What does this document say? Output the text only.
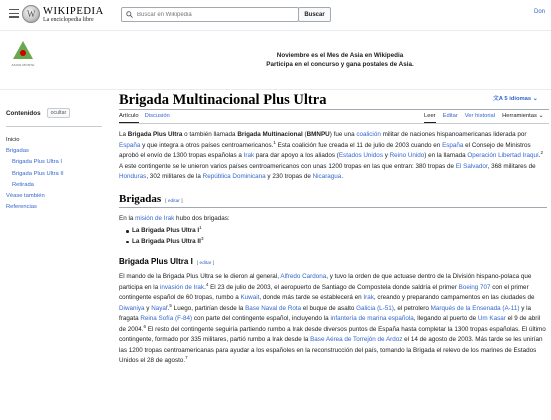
W
WIKIPEDIA
La enciclopedia libre
Buscar en Wikipedia
Buscar	Don
ASIAN MONTH
Noviembre es el Mes de Asia en Wikipedia
Participa en el concurso y gana postales de Asia.
Contenidos	ocultar
Inicio
Brigadas
Brigada Plus Ultra I
Brigada Plus Ultra II
Retirada
Véase también
Referencias
Brigada Multinacional Plus Ultra	文A 5 idiomas ⌄
Artículo Discusión	Leer Editar Ver historial Herramientas ⌄

La Brigada Plus Ultra o también llamada Brigada Multinacional (BMNPU) fue una coalición militar de naciones hispanoamericanas liderada por España y que integra a otros países centroamericanos.$^1$ Esta coalición fue creada el 11 de julio de 2003 cuando en España el Consejo de Ministros aprobó el envío de 1300 tropas españolas a Irak para dar apoyo a los aliados (Estados Unidos y Reino Unido) en la llamada Operación Libertad Iraquí.$^2$ A este contingente se le unieron varios países centroamericanos con unas 1200 tropas en las que entran: 380 tropas de El Salvador, 368 militares de Honduras, 302 militares de la República Dominicana y 230 tropas de Nicaragua.

Brigadas [ editar ]

En la misión de Irak hubo dos brigadas:

La Brigada Plus Ultra $I^1$
La Brigada Plus Ultra $II^3$
Brigada Plus Ultra I [ editar ]

El mando de la Brigada Plus Ultra se le dieron al general, Alfredo Cardona, y tuvo la orden de que actuase dentro de la División hispano-polaca que participa en la invasión de Irak.$^4$ El 23 de julio de 2003, el aeropuerto de Santiago de Compostela donde saldría el primer Boeing 707 con el primer contingente español de 60 tropas, rumbo a Kuwait, donde más tarde se establecerá en Irak, creando y preparando campamentos en las ciudades de Diwaniya y Nayaf.$^5$ Luego, partirían desde la Base Naval de Rota el buque de asalto Galicia (L-51), el petrolero Marqués de la Ensenada (A-11) y la fragata Reina Sofía (F-84) con parte del contingente español, incluyendo la infantería de marina española, llegando al puerto de Um Kasar el 9 de abril de 2004.$^6$ El resto del contingente seguiría partiendo rumbo a Irak desde diversos puntos de España hasta completar la 1300 tropas españolas. El último contingente, formado por 335 militares, partió rumbo a Irak desde la Base Aérea de Torrejón de Ardoz el 14 de agosto de 2003. Más tarde se les unirían las 1200 tropas centroamericanas para ayudar a los españoles en la reconstrucción del país, tomando la Brigada el relevo de los marines de Estados Unidos el 28 de agosto.$^7$
